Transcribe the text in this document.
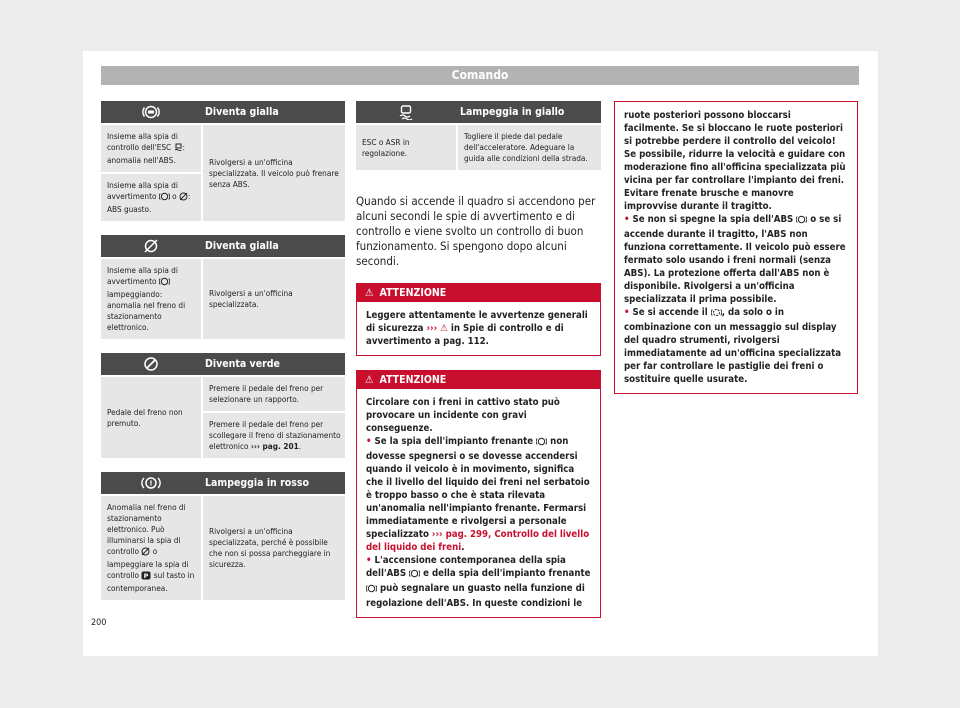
Comando
Diventa gialla
Insieme alla spia di controllo dell'ESC : anomalia nell'ABS.
Insieme alla spia di avvertimento  o : ABS guasto.
Rivolgersi a un'officina specializzata. Il veicolo può frenare senza ABS.
Diventa gialla
Insieme alla spia di avvertimento  lampeggiando: anomalia nel freno di stazionamento elettronico.
Rivolgersi a un'officina specializzata.
Diventa verde
Pedale del freno non premuto.
Premere il pedale del freno per selezionare un rapporto.
Premere il pedale del freno per scollegare il freno di stazionamento elettronico ››› pag. 201.
!	Lampeggia in rosso
Anomalia nel freno di stazionamento elettronico. Può illuminarsi la spia di controllo  o lampeggiare la spia di controllo P sul tasto in contemporanea.
Rivolgersi a un'officina specializzata, perché è possibile che non si possa parcheggiare in sicurezza.
Lampeggia in giallo
ESC o ASR in regolazione.
Togliere il piede dal pedale dell'acceleratore. Adeguare la guida alle condizioni della strada.
Quando si accende il quadro si accendono per alcuni secondi le spie di avvertimento e di controllo e viene svolto un controllo di buon funzionamento. Si spengono dopo alcuni secondi.
⚠ ATTENZIONE
Leggere attentamente le avvertenze generali di sicurezza ››› ⚠ in Spie di controllo e di avvertimento a pag. 112.
⚠ ATTENZIONE
Circolare con i freni in cattivo stato può provocare un incidente con gravi conseguenze.
• Se la spia dell'impianto frenante  non dovesse spegnersi o se dovesse accendersi quando il veicolo è in movimento, significa che il livello del liquido dei freni nel serbatoio è troppo basso o che è stata rilevata un'anomalia nell'impianto frenante. Fermarsi immediatamente e rivolgersi a personale specializzato ››› pag. 299, Controllo del livello del liquido dei freni.
• L'accensione contemporanea della spia dell'ABS  e della spia dell'impianto frenante  può segnalare un guasto nella funzione di regolazione dell'ABS. In queste condizioni le
ruote posteriori possono bloccarsi facilmente. Se si bloccano le ruote posteriori si potrebbe perdere il controllo del veicolo! Se possibile, ridurre la velocità e guidare con moderazione fino all'officina specializzata più vicina per far controllare l'impianto dei freni. Evitare frenate brusche e manovre improvvise durante il tragitto.
• Se non si spegne la spia dell'ABS  o se si accende durante il tragitto, l'ABS non funziona correttamente. Il veicolo può essere fermato solo usando i freni normali (senza ABS). La protezione offerta dall'ABS non è disponibile. Rivolgersi a un'officina specializzata il prima possibile.
• Se si accende il , da solo o in combinazione con un messaggio sul display del quadro strumenti, rivolgersi immediatamente ad un'officina specializzata per far controllare le pastiglie dei freni o sostituire quelle usurate.
200
